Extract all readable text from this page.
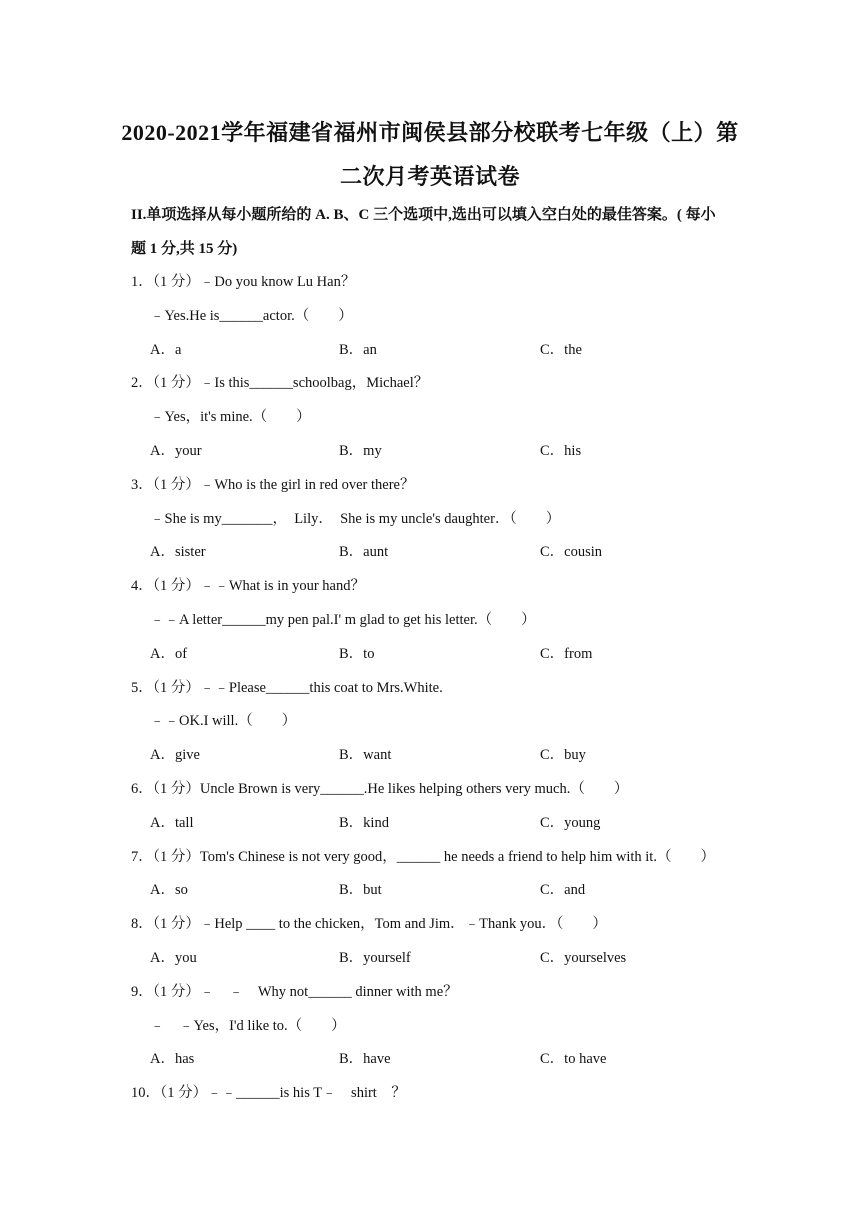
2020-2021学年福建省福州市闽侯县部分校联考七年级（上）第
二次月考英语试卷
II.单项选择从每小题所给的 A. B、C 三个选项中,选出可以填入空白处的最佳答案。( 每小
题 1 分,共 15 分)
1．（1 分）﹣Do you know Lu Han？
﹣Yes.He is______actor.（　　）
A．a	B．an	C．the
2．（1 分）﹣Is this______schoolbag，Michael？
﹣Yes，it's mine.（　　）
A．your	B．my	C．his
3．（1 分）﹣Who is the girl in red over there？
﹣She is my_______，　Lily．　She is my uncle's daughter．（　　）
A．sister	B．aunt	C．cousin
4．（1 分）﹣﹣What is in your hand？
﹣﹣A letter______my pen pal.I' m glad to get his letter.（　　）
A．of	B．to	C．from
5．（1 分）﹣﹣Please______this coat to Mrs.White.
﹣﹣OK.I will.（　　）
A．give	B．want	C．buy
6．（1 分）Uncle Brown is very______.He likes helping others very much.（　　）
A．tall	B．kind	C．young
7．（1 分）Tom's Chinese is not very good，______ he needs a friend to help him with it.（　　）
A．so	B．but	C．and
8．（1 分）﹣Help ____ to the chicken，Tom and Jim．﹣Thank you．（　　）
A．you	B．yourself	C．yourselves
9．（1 分）﹣　﹣　Why not______ dinner with me？
﹣　﹣Yes，I'd like to.（　　）
A．has	B．have	C．to have
10．（1 分）﹣﹣______is his T﹣　shirt　？
